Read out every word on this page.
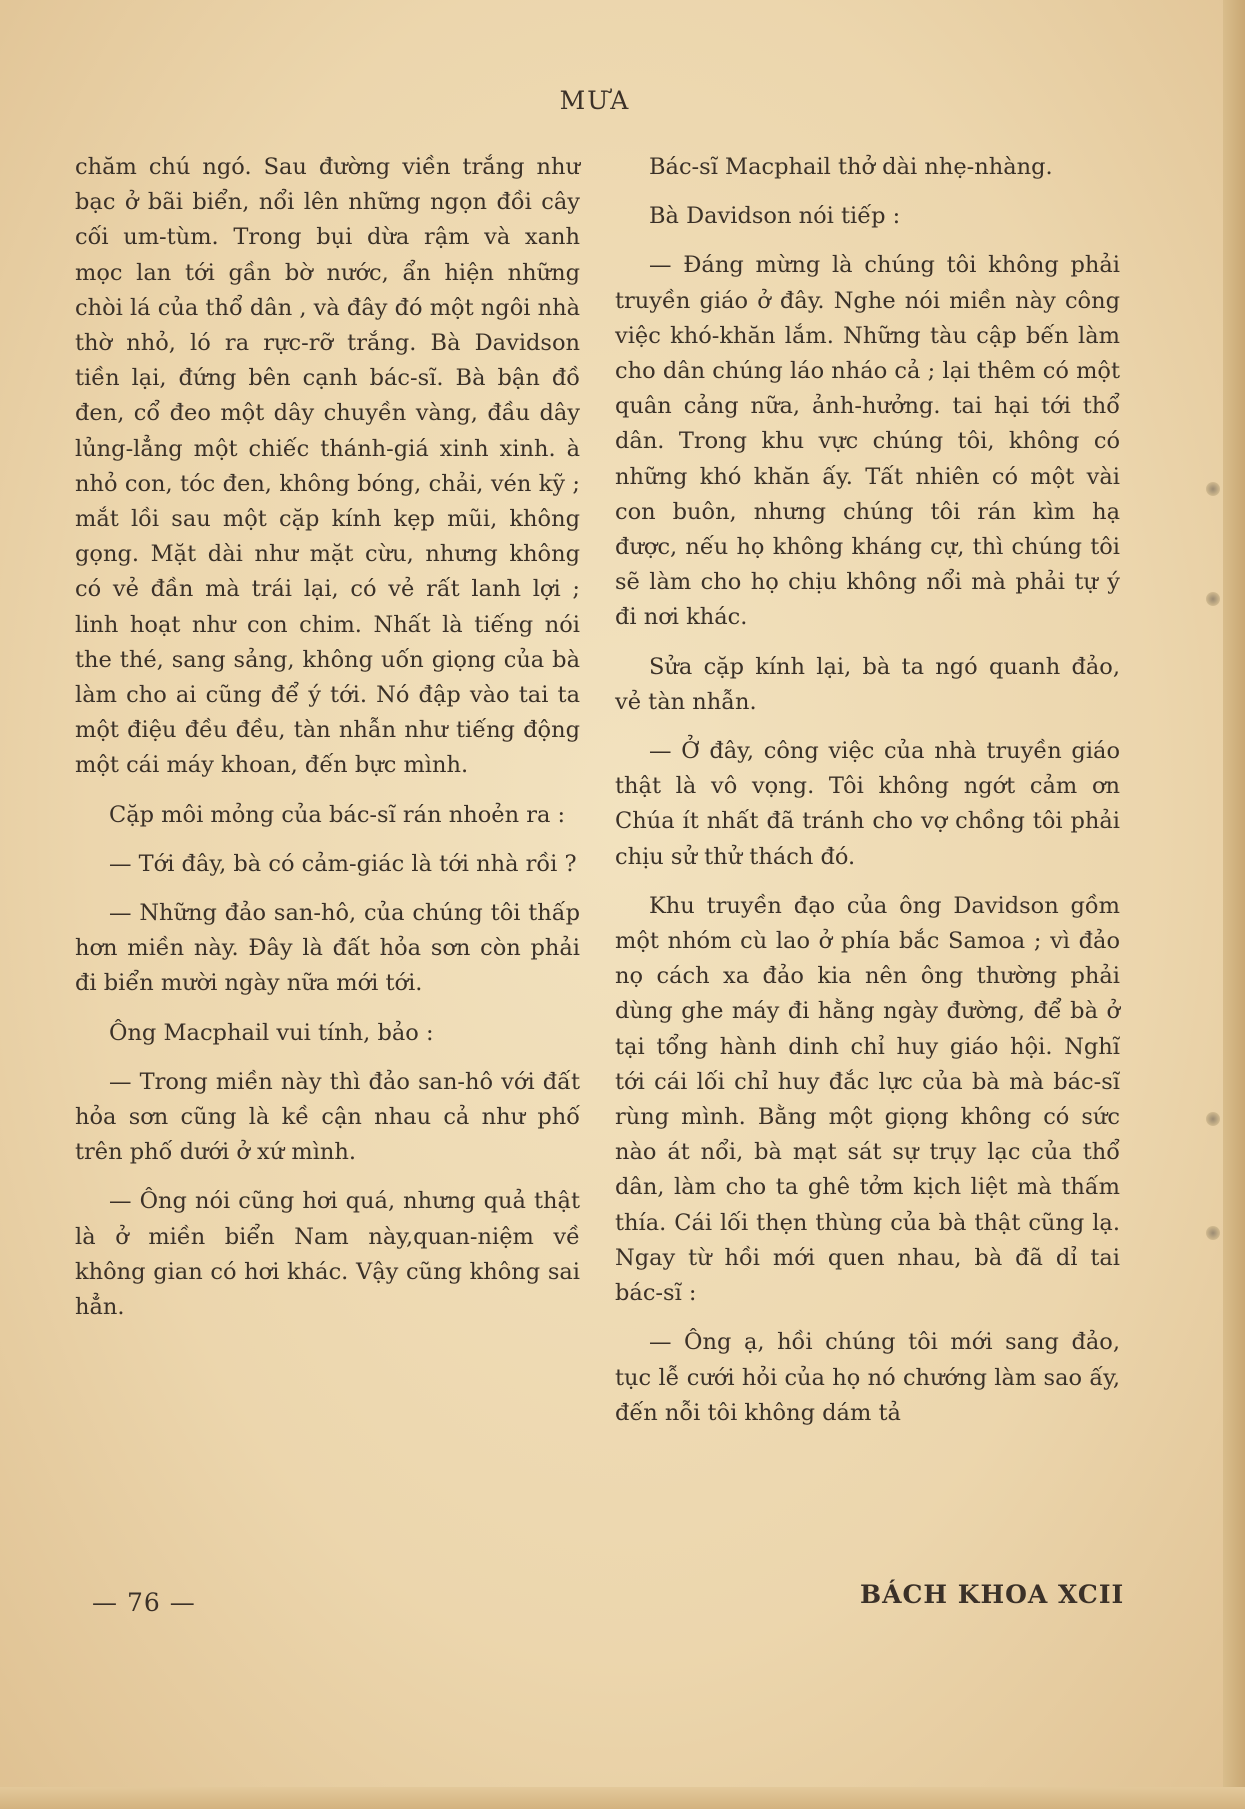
MƯA

chăm chú ngó. Sau đường viền trắng như bạc ở bãi biển, nổi lên những ngọn đồi cây cối um-tùm. Trong bụi dừa rậm và xanh mọc lan tới gần bờ nước, ẩn hiện những chòi lá của thổ dân , và đây đó một ngôi nhà thờ nhỏ, ló ra rực-rỡ trắng. Bà Davidson tiền lại, đứng bên cạnh bác-sĩ. Bà bận đồ đen, cổ đeo một dây chuyền vàng, đầu dây lủng-lẳng một chiếc thánh-giá xinh xinh. à nhỏ con, tóc đen, không bóng, chải, vén kỹ ; mắt lồi sau một cặp kính kẹp mũi, không gọng. Mặt dài như mặt cừu, nhưng không có vẻ đần mà trái lại, có vẻ rất lanh lợi ; linh hoạt như con chim. Nhất là tiếng nói the thé, sang sảng, không uốn giọng của bà làm cho ai cũng để ý tới. Nó đập vào tai ta một điệu đều đều, tàn nhẫn như tiếng động một cái máy khoan, đến bực mình.

Cặp môi mỏng của bác-sĩ rán nhoẻn ra :

— Tới đây, bà có cảm-giác là tới nhà rồi ?

— Những đảo san-hô, của chúng tôi thấp hơn miền này. Đây là đất hỏa sơn còn phải đi biển mười ngày nữa mới tới.

Ông Macphail vui tính, bảo :

— Trong miền này thì đảo san-hô với đất hỏa sơn cũng là kề cận nhau cả như phố trên phố dưới ở xứ mình.

— Ông nói cũng hơi quá, nhưng quả thật là ở miền biển Nam này,quan-niệm về không gian có hơi khác. Vậy cũng không sai hẳn.

Bác-sĩ Macphail thở dài nhẹ-nhàng.

Bà Davidson nói tiếp :

— Đáng mừng là chúng tôi không phải truyền giáo ở đây. Nghe nói miền này công việc khó-khăn lắm. Những tàu cập bến làm cho dân chúng láo nháo cả ; lại thêm có một quân cảng nữa, ảnh-hưởng. tai hại tới thổ dân. Trong khu vực chúng tôi, không có những khó khăn ấy. Tất nhiên có một vài con buôn, nhưng chúng tôi rán kìm hạ được, nếu họ không kháng cự, thì chúng tôi sẽ làm cho họ chịu không nổi mà phải tự ý đi nơi khác.

Sửa cặp kính lại, bà ta ngó quanh đảo, vẻ tàn nhẫn.

— Ở đây, công việc của nhà truyền giáo thật là vô vọng. Tôi không ngớt cảm ơn Chúa ít nhất đã tránh cho vợ chồng tôi phải chịu sử thử thách đó.

Khu truyền đạo của ông Davidson gồm một nhóm cù lao ở phía bắc Samoa ; vì đảo nọ cách xa đảo kia nên ông thường phải dùng ghe máy đi hằng ngày đường, để bà ở tại tổng hành dinh chỉ huy giáo hội. Nghĩ tới cái lối chỉ huy đắc lực của bà mà bác-sĩ rùng mình. Bằng một giọng không có sức nào át nổi, bà mạt sát sự trụy lạc của thổ dân, làm cho ta ghê tởm kịch liệt mà thấm thía. Cái lối thẹn thùng của bà thật cũng lạ. Ngay từ hồi mới quen nhau, bà đã dỉ tai bác-sĩ :

— Ông ạ, hồi chúng tôi mới sang đảo, tục lễ cưới hỏi của họ nó chướng làm sao ấy, đến nỗi tôi không dám tả

— 76 —	BÁCH KHOA XCII
